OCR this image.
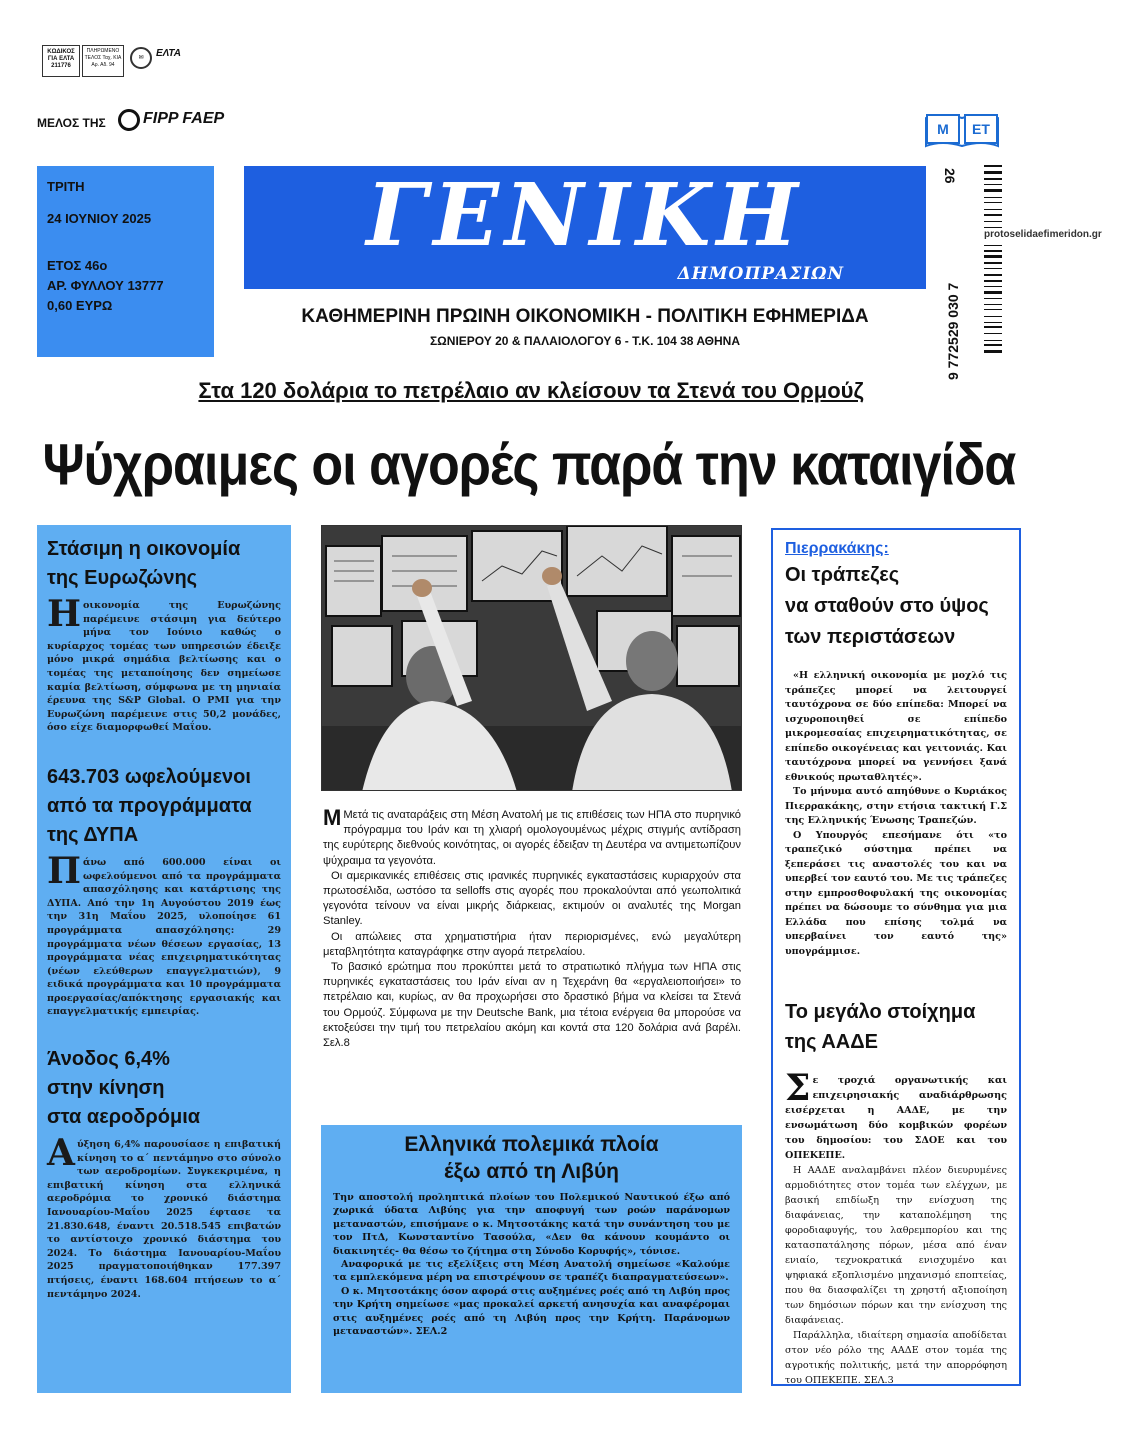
ΚΩΔΙΚΟΣ ΓΙΑ ΕΛΤΑ 211776
ΠΛΗΡΩΜΕΝΟ ΤΕΛΟΣ Ταχ. ΚΙΑ Αρ. Αδ. 94
✉	ΕΛΤΑ
ΜΕΛΟΣ ΤΗΣ FIPP FAEP
Μ	ΕΤ
ΤΡΙΤΗ
24 ΙΟΥΝΙΟΥ 2025
ΕΤΟΣ 46ο
ΑΡ. ΦΥΛΛΟΥ 13777
0,60 ΕΥΡΩ
ΓΕΝΙΚΗ
ΔΗΜΟΠΡΑΣΙΩΝ
ΚΑΘΗΜΕΡΙΝΗ ΠΡΩΙΝΗ ΟΙΚΟΝΟΜΙΚΗ - ΠΟΛΙΤΙΚΗ ΕΦΗΜΕΡΙΔΑ
ΣΩΝΙΕΡΟΥ 20 & ΠΑΛΑΙΟΛΟΓΟΥ 6 - Τ.Κ. 104 38 ΑΘΗΝΑ
26
9 772529 030 7
protoselidaefimeridon.gr
Στα 120 δολάρια το πετρέλαιο αν κλείσουν τα Στενά του Ορμούζ
Ψύχραιμες οι αγορές παρά την καταιγίδα
Στάσιμη η οικονομία
της Ευρωζώνης
Η οικονομία της Ευρωζώνης παρέμεινε στάσιμη για δεύτερο μήνα τον Ιούνιο καθώς ο κυρίαρχος τομέας των υπηρεσιών έδειξε μόνο μικρά σημάδια βελτίωσης και ο τομέας της μεταποίησης δεν σημείωσε καμία βελτίωση, σύμφωνα με τη μηνιαία έρευνα της S&P Global. Ο PMI για την Ευρωζώνη παρέμεινε στις 50,2 μονάδες, όσο είχε διαμορφωθεί Μαΐου.
643.703 ωφελούμενοι
από τα προγράμματα
της ΔΥΠΑ
Πάνω από 600.000 είναι οι ωφελούμενοι από τα προγράμματα απασχόλησης και κατάρτισης της ΔΥΠΑ. Από την 1η Αυγούστου 2019 έως την 31η Μαΐου 2025, υλοποίησε 61 προγράμματα απασχόλησης: 29 προγράμματα νέων θέσεων εργασίας, 13 προγράμματα νέας επιχειρηματικότητας (νέων ελεύθερων επαγγελματιών), 9 ειδικά προγράμματα και 10 προγράμματα προεργασίας/απόκτησης εργασιακής και επαγγελματικής εμπειρίας.
Άνοδος 6,4%
στην κίνηση
στα αεροδρόμια
Αύξηση 6,4% παρουσίασε η επιβατική κίνηση το α΄ πεντάμηνο στο σύνολο των αεροδρομίων. Συγκεκριμένα, η επιβατική κίνηση στα ελληνικά αεροδρόμια το χρονικό διάστημα Ιανουαρίου-Μαΐου 2025 έφτασε τα 21.830.648, έναντι 20.518.545 επιβατών το αντίστοιχο χρονικό διάστημα του 2024. Το διάστημα Ιανουαρίου-Μαΐου 2025 πραγματοποιήθηκαν 177.397 πτήσεις, έναντι 168.604 πτήσεων το α΄ πεντάμηνο 2024.

Μ Μετά τις αναταράξεις στη Μέση Ανατολή με τις επιθέσεις των ΗΠΑ στο πυρηνικό πρόγραμμα του Ιράν και τη χλιαρή ομολογουμένως μέχρις στιγμής αντίδραση της ευρύτερης διεθνούς κοινότητας, οι αγορές έδειξαν τη Δευτέρα να αντιμετωπίζουν ψύχραιμα τα γεγονότα.

Οι αμερικανικές επιθέσεις στις ιρανικές πυρηνικές εγκαταστάσεις κυριαρχούν στα πρωτοσέλιδα, ωστόσο τα selloffs στις αγορές που προκαλούνται από γεωπολιτικά γεγονότα τείνουν να είναι μικρής διάρκειας, εκτιμούν οι αναλυτές της Morgan Stanley.

Οι απώλειες στα χρηματιστήρια ήταν περιορισμένες, ενώ μεγαλύτερη μεταβλητότητα καταγράφηκε στην αγορά πετρελαίου.

Το βασικό ερώτημα που προκύπτει μετά το στρατιωτικό πλήγμα των ΗΠΑ στις πυρηνικές εγκαταστάσεις του Ιράν είναι αν η Τεχεράνη θα «εργαλειοποιήσει» το πετρέλαιο και, κυρίως, αν θα προχωρήσει στο δραστικό βήμα να κλείσει τα Στενά του Ορμούζ. Σύμφωνα με την Deutsche Bank, μια τέτοια ενέργεια θα μπορούσε να εκτοξεύσει την τιμή του πετρελαίου ακόμη και κοντά στα 120 δολάρια ανά βαρέλι. Σελ.8

Ελληνικά πολεμικά πλοία
έξω από τη Λιβύη

Την αποστολή προληπτικά πλοίων του Πολεμικού Ναυτικού έξω από χωρικά ύδατα Λιβύης για την αποφυγή των ροών παράνομων μεταναστών, επισήμανε ο κ. Μητσοτάκης κατά την συνάντηση του με τον ΠτΔ, Κωνσταντίνο Τασούλα, «Δεν θα κάνουν κουμάντο οι διακινητές- θα θέσω το ζήτημα στη Σύνοδο Κορυφής», τόνισε.

Αναφορικά με τις εξελίξεις στη Μέση Ανατολή σημείωσε «Καλούμε τα εμπλεκόμενα μέρη να επιστρέψουν σε τραπέζι διαπραγματεύσεων».

Ο κ. Μητσοτάκης όσον αφορά στις αυξημένες ροές από τη Λιβύη προς την Κρήτη σημείωσε «μας προκαλεί αρκετή ανησυχία και αναφέρομαι στις αυξημένες ροές από τη Λιβύη προς την Κρήτη. Παράνομων μεταναστών». ΣΕΛ.2

Πιερρακάκης:
Οι τράπεζες
να σταθούν στο ύψος
των περιστάσεων

«Η ελληνική οικονομία με μοχλό τις τράπεζες μπορεί να λειτουργεί ταυτόχρονα σε δύο επίπεδα: Μπορεί να ισχυροποιηθεί σε επίπεδο μικρομεσαίας επιχειρηματικότητας, σε επίπεδο οικογένειας και γειτονιάς. Και ταυτόχρονα μπορεί να γεννήσει ξανά εθνικούς πρωταθλητές».

Το μήνυμα αυτό απηύθυνε ο Κυριάκος Πιερρακάκης, στην ετήσια τακτική Γ.Σ της Ελληνικής Ένωσης Τραπεζών.

Ο Υπουργός επεσήμανε ότι «το τραπεζικό σύστημα πρέπει να ξεπεράσει τις αναστολές του και να υπερβεί τον εαυτό του. Με τις τράπεζες στην εμπροσθοφυλακή της οικονομίας πρέπει να δώσουμε το σύνθημα για μια Ελλάδα που επίσης τολμά να υπερβαίνει τον εαυτό της» υπογράμμισε.

Το μεγάλο στοίχημα
της ΑΑΔΕ

Σε τροχιά οργανωτικής και επιχειρησιακής αναδιάρθρωσης εισέρχεται η ΑΑΔΕ, με την ενσωμάτωση δύο κομβικών φορέων του δημοσίου: του ΣΔΟΕ και του ΟΠΕΚΕΠΕ.

Η ΑΑΔΕ αναλαμβάνει πλέον διευρυμένες αρμοδιότητες στον τομέα των ελέγχων, με βασική επιδίωξη την ενίσχυση της διαφάνειας, την καταπολέμηση της φοροδιαφυγής, του λαθρεμπορίου και της κατασπατάλησης πόρων, μέσα από έναν ενιαίο, τεχνοκρατικά ενισχυμένο και ψηφιακά εξοπλισμένο μηχανισμό εποπτείας, που θα διασφαλίζει τη χρηστή αξιοποίηση των δημόσιων πόρων και την ενίσχυση της διαφάνειας.

Παράλληλα, ιδιαίτερη σημασία αποδίδεται στον νέο ρόλο της ΑΑΔΕ στον τομέα της αγροτικής πολιτικής, μετά την απορρόφηση του ΟΠΕΚΕΠΕ. ΣΕΛ.3
